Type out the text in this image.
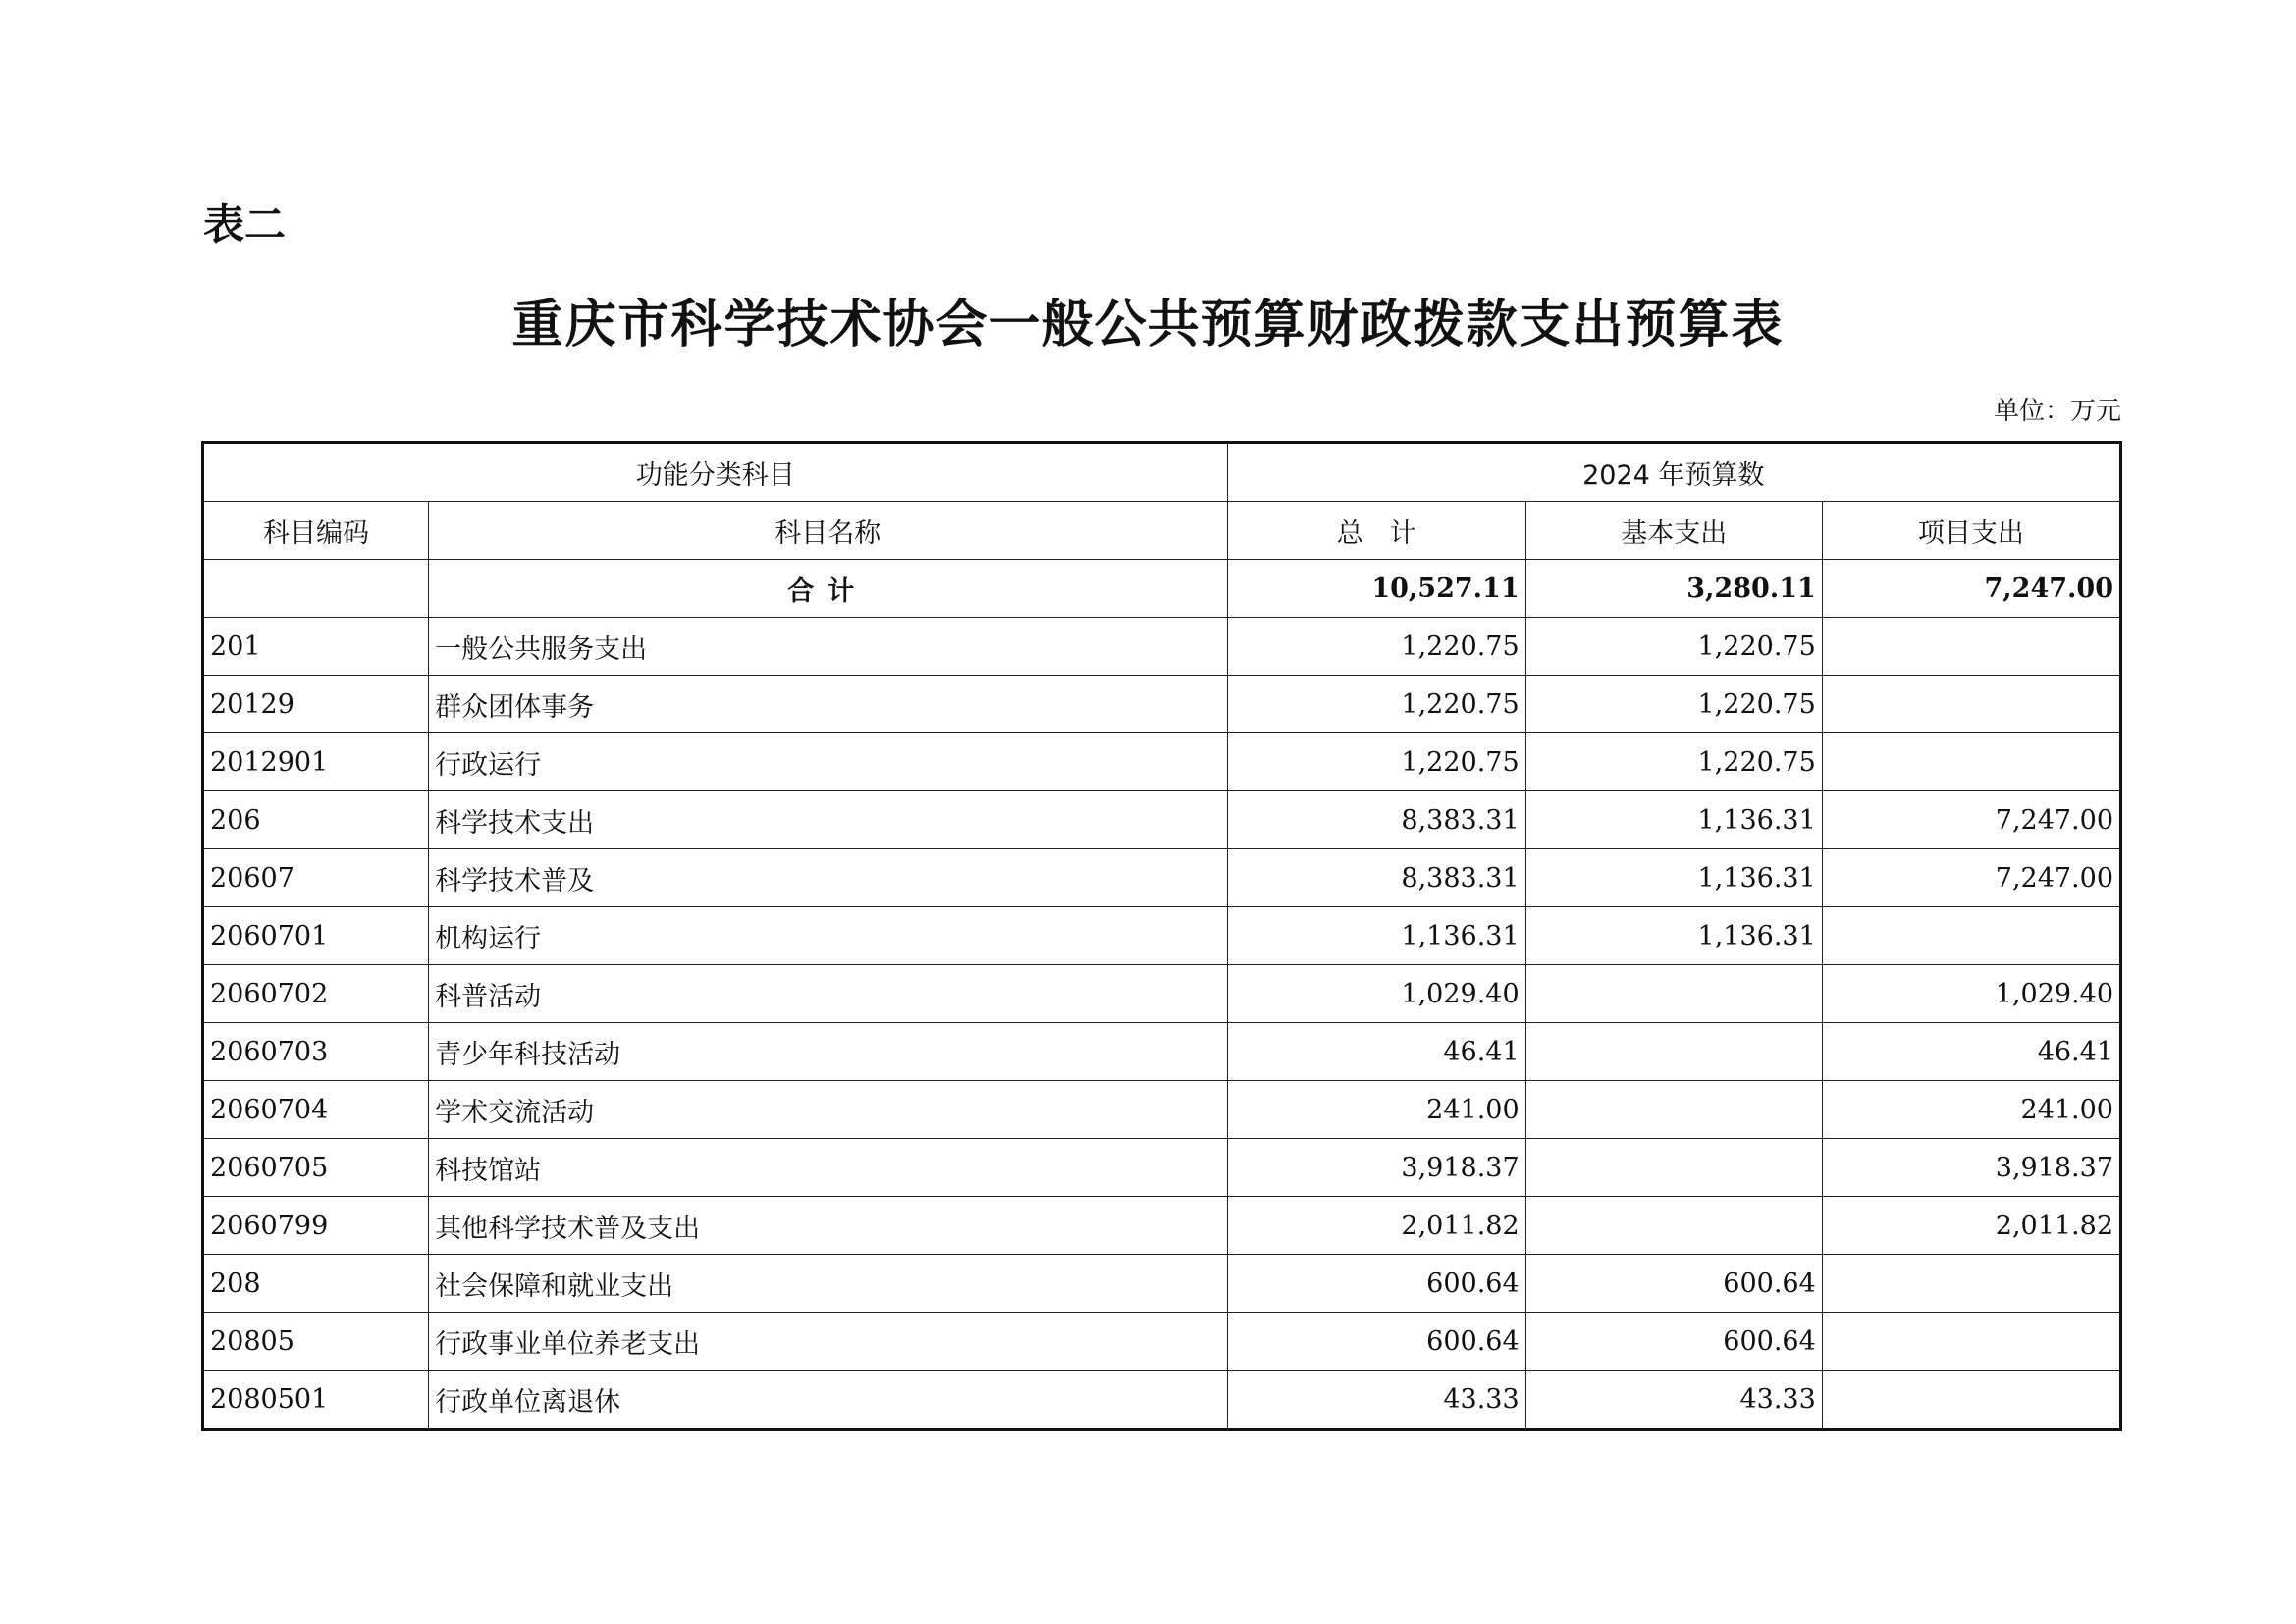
表二
重庆市科学技术协会一般公共预算财政拨款支出预算表
单位：万元
功能分类科目		2024 年预算数		
科目编码	科目名称	总　计	基本支出	项目支出
	合计	10,527.11	3,280.11	7,247.00
201	一般公共服务支出	1,220.75	1,220.75	
20129	群众团体事务	1,220.75	1,220.75	
2012901	行政运行	1,220.75	1,220.75	
206	科学技术支出	8,383.31	1,136.31	7,247.00
20607	科学技术普及	8,383.31	1,136.31	7,247.00
2060701	机构运行	1,136.31	1,136.31	
2060702	科普活动	1,029.40		1,029.40
2060703	青少年科技活动	46.41		46.41
2060704	学术交流活动	241.00		241.00
2060705	科技馆站	3,918.37		3,918.37
2060799	其他科学技术普及支出	2,011.82		2,011.82
208	社会保障和就业支出	600.64	600.64	
20805	行政事业单位养老支出	600.64	600.64	
2080501	行政单位离退休	43.33	43.33	
